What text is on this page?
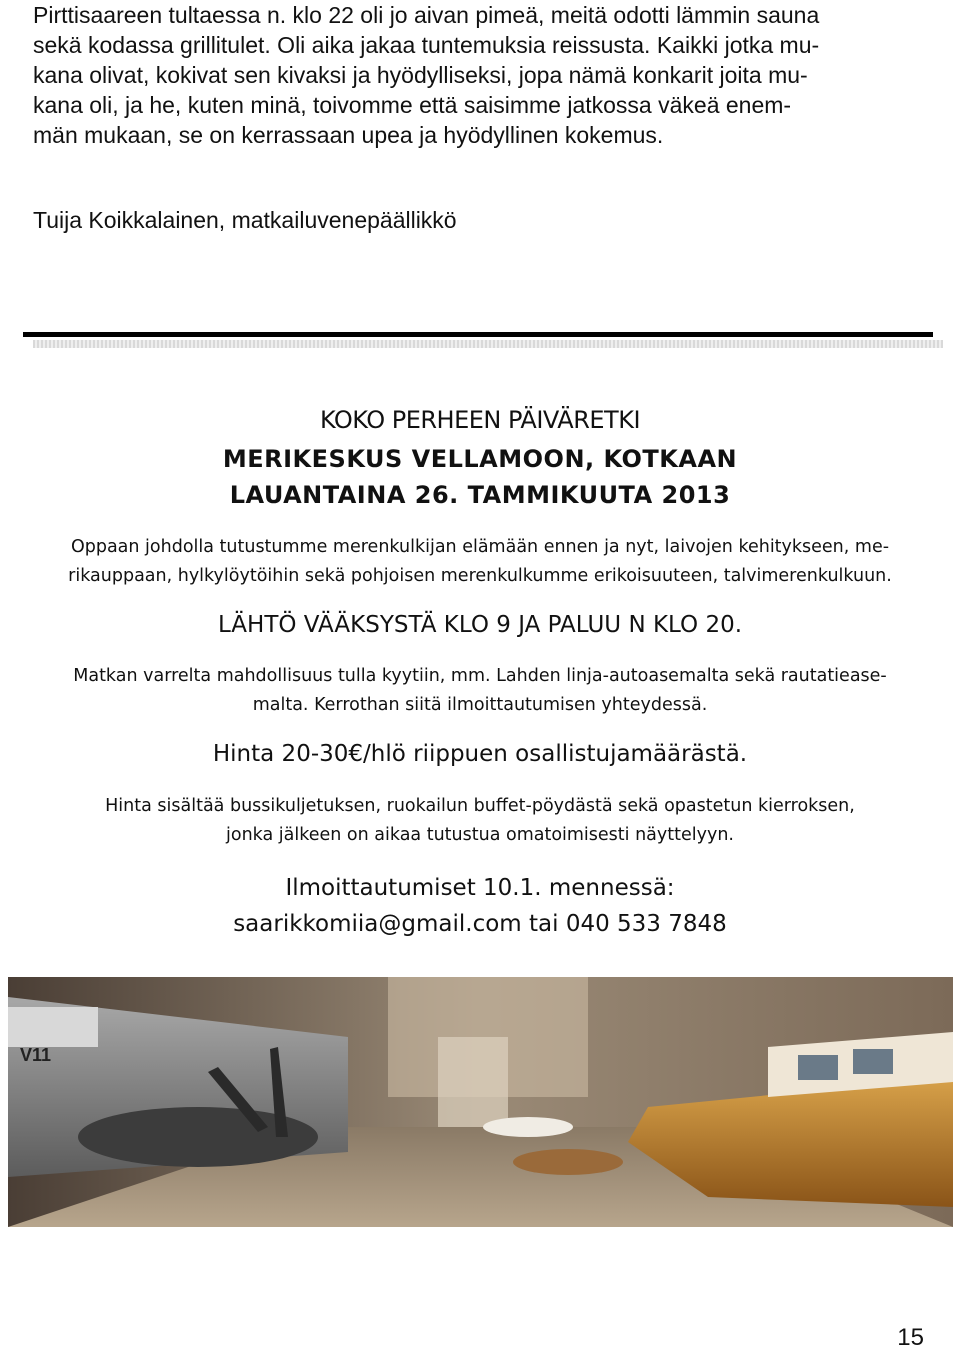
Pirttisaareen tultaessa n. klo 22 oli jo aivan pimeä, meitä odotti lämmin sauna
sekä kodassa grillitulet. Oli aika jakaa tuntemuksia reissusta. Kaikki jotka mu-
kana olivat, kokivat sen kivaksi ja hyödylliseksi, jopa nämä konkarit joita mu-
kana oli, ja he, kuten minä, toivomme että saisimme jatkossa väkeä enem-
män mukaan, se on kerrassaan upea ja hyödyllinen kokemus.

Tuija Koikkalainen, matkailuvenepäällikkö

KOKO PERHEEN PÄIVÄRETKI
MERIKESKUS VELLAMOON, KOTKAAN
LAUANTAINA 26. TAMMIKUUTA 2013
Oppaan johdolla tutustumme merenkulkijan elämään ennen ja nyt, laivojen kehitykseen, me-
rikauppaan, hylkylöytöihin sekä pohjoisen merenkulkumme erikoisuuteen, talvimerenkulkuun.
LÄHTÖ VÄÄKSYSTÄ KLO 9 JA PALUU N KLO 20.
Matkan varrelta mahdollisuus tulla kyytiin, mm. Lahden linja-autoasemalta sekä rautatiease-
malta. Kerrothan siitä ilmoittautumisen yhteydessä.
Hinta 20-30€/hlö riippuen osallistujamäärästä.
Hinta sisältää bussikuljetuksen, ruokailun buffet-pöydästä sekä opastetun kierroksen,
jonka jälkeen on aikaa tutustua omatoimisesti näyttelyyn.
Ilmoittautumiset 10.1. mennessä:
saarikkomiia@gmail.com tai 040 533 7848
V11
15
